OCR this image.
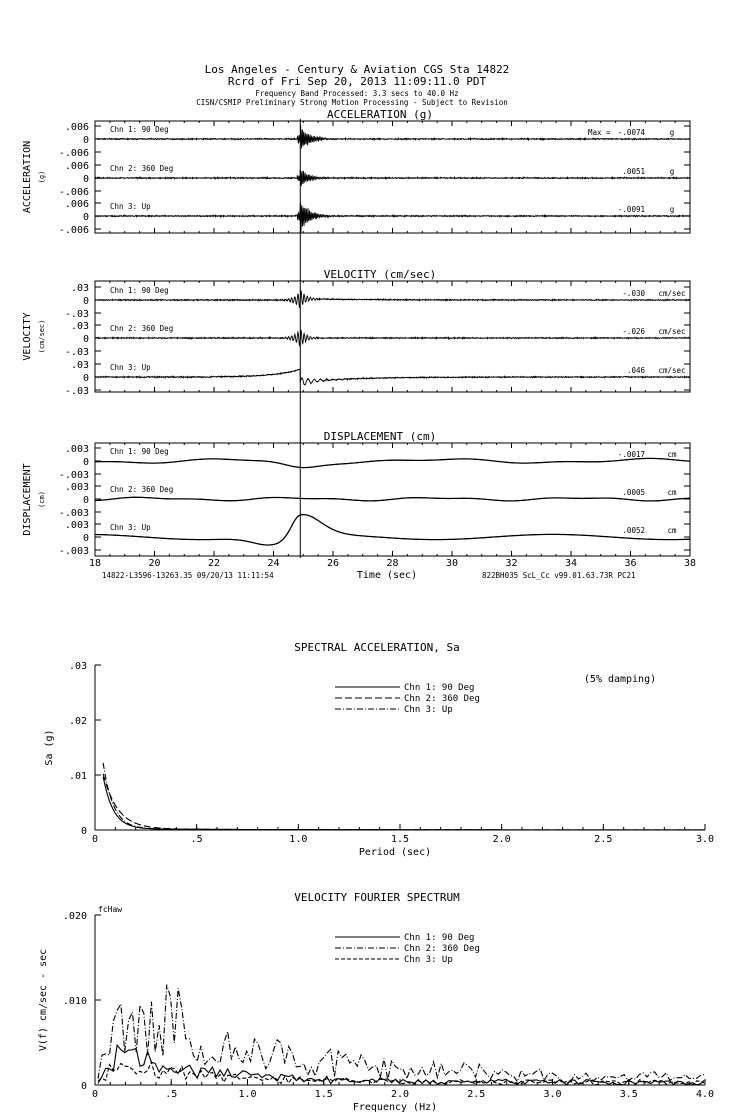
Los Angeles - Century & Aviation CGS Sta 14822
Rcrd of Fri Sep 20, 2013 11:09:11.0 PDT
Frequency Band Processed: 3.3 secs to 40.0 Hz
CISN/CSMIP Preliminary Strong Motion Processing - Subject to Revision
14822-L3596-13263.35 09/20/13 11:11:54	822BH035 ScL_Cc v99.01.63.73R PC21
ACCELERATION (g)
ACCELERATION (g)
.006
0
-.006
Chn 1: 90 Deg	Max = -.0074	g
.006
0
-.006
Chn 2: 360 Deg	.0051	g
.006
0
-.006
Chn 3: Up	-.0091	g
VELOCITY (cm/sec)
VELOCITY (cm/sec)
.03
0
-.03
Chn 1: 90 Deg	-.030 cm/sec
.03
0
-.03
Chn 2: 360 Deg	-.026 cm/sec
.03
0
-.03
Chn 3: Up	.046 cm/sec
DISPLACEMENT (cm)
DISPLACEMENT (cm)
.003
0
-.003
Chn 1: 90 Deg	-.0017	cm
.003
0
-.003
Chn 2: 360 Deg	.0005	cm
.003
0
-.003
Chn 3: Up	.0052	cm
18	20	22	24	26	28	30	32	34	36	38
Time (sec)
SPECTRAL ACCELERATION, Sa
0	.5	1.0	1.5	2.0	2.5	3.0
0
.01
.02
.03
Period (sec)
Sa (g)
Chn 1: 90 Deg
Chn 2: 360 Deg
Chn 3: Up
(5% damping)
VELOCITY FOURIER SPECTRUM
0	.5	1.0	1.5	2.0	2.5	3.0	3.5	4.0
0
.010
.020
Frequency (Hz)
V(f) cm/sec - sec
Chn 1: 90 Deg
Chn 2: 360 Deg
Chn 3: Up
fcHaw
